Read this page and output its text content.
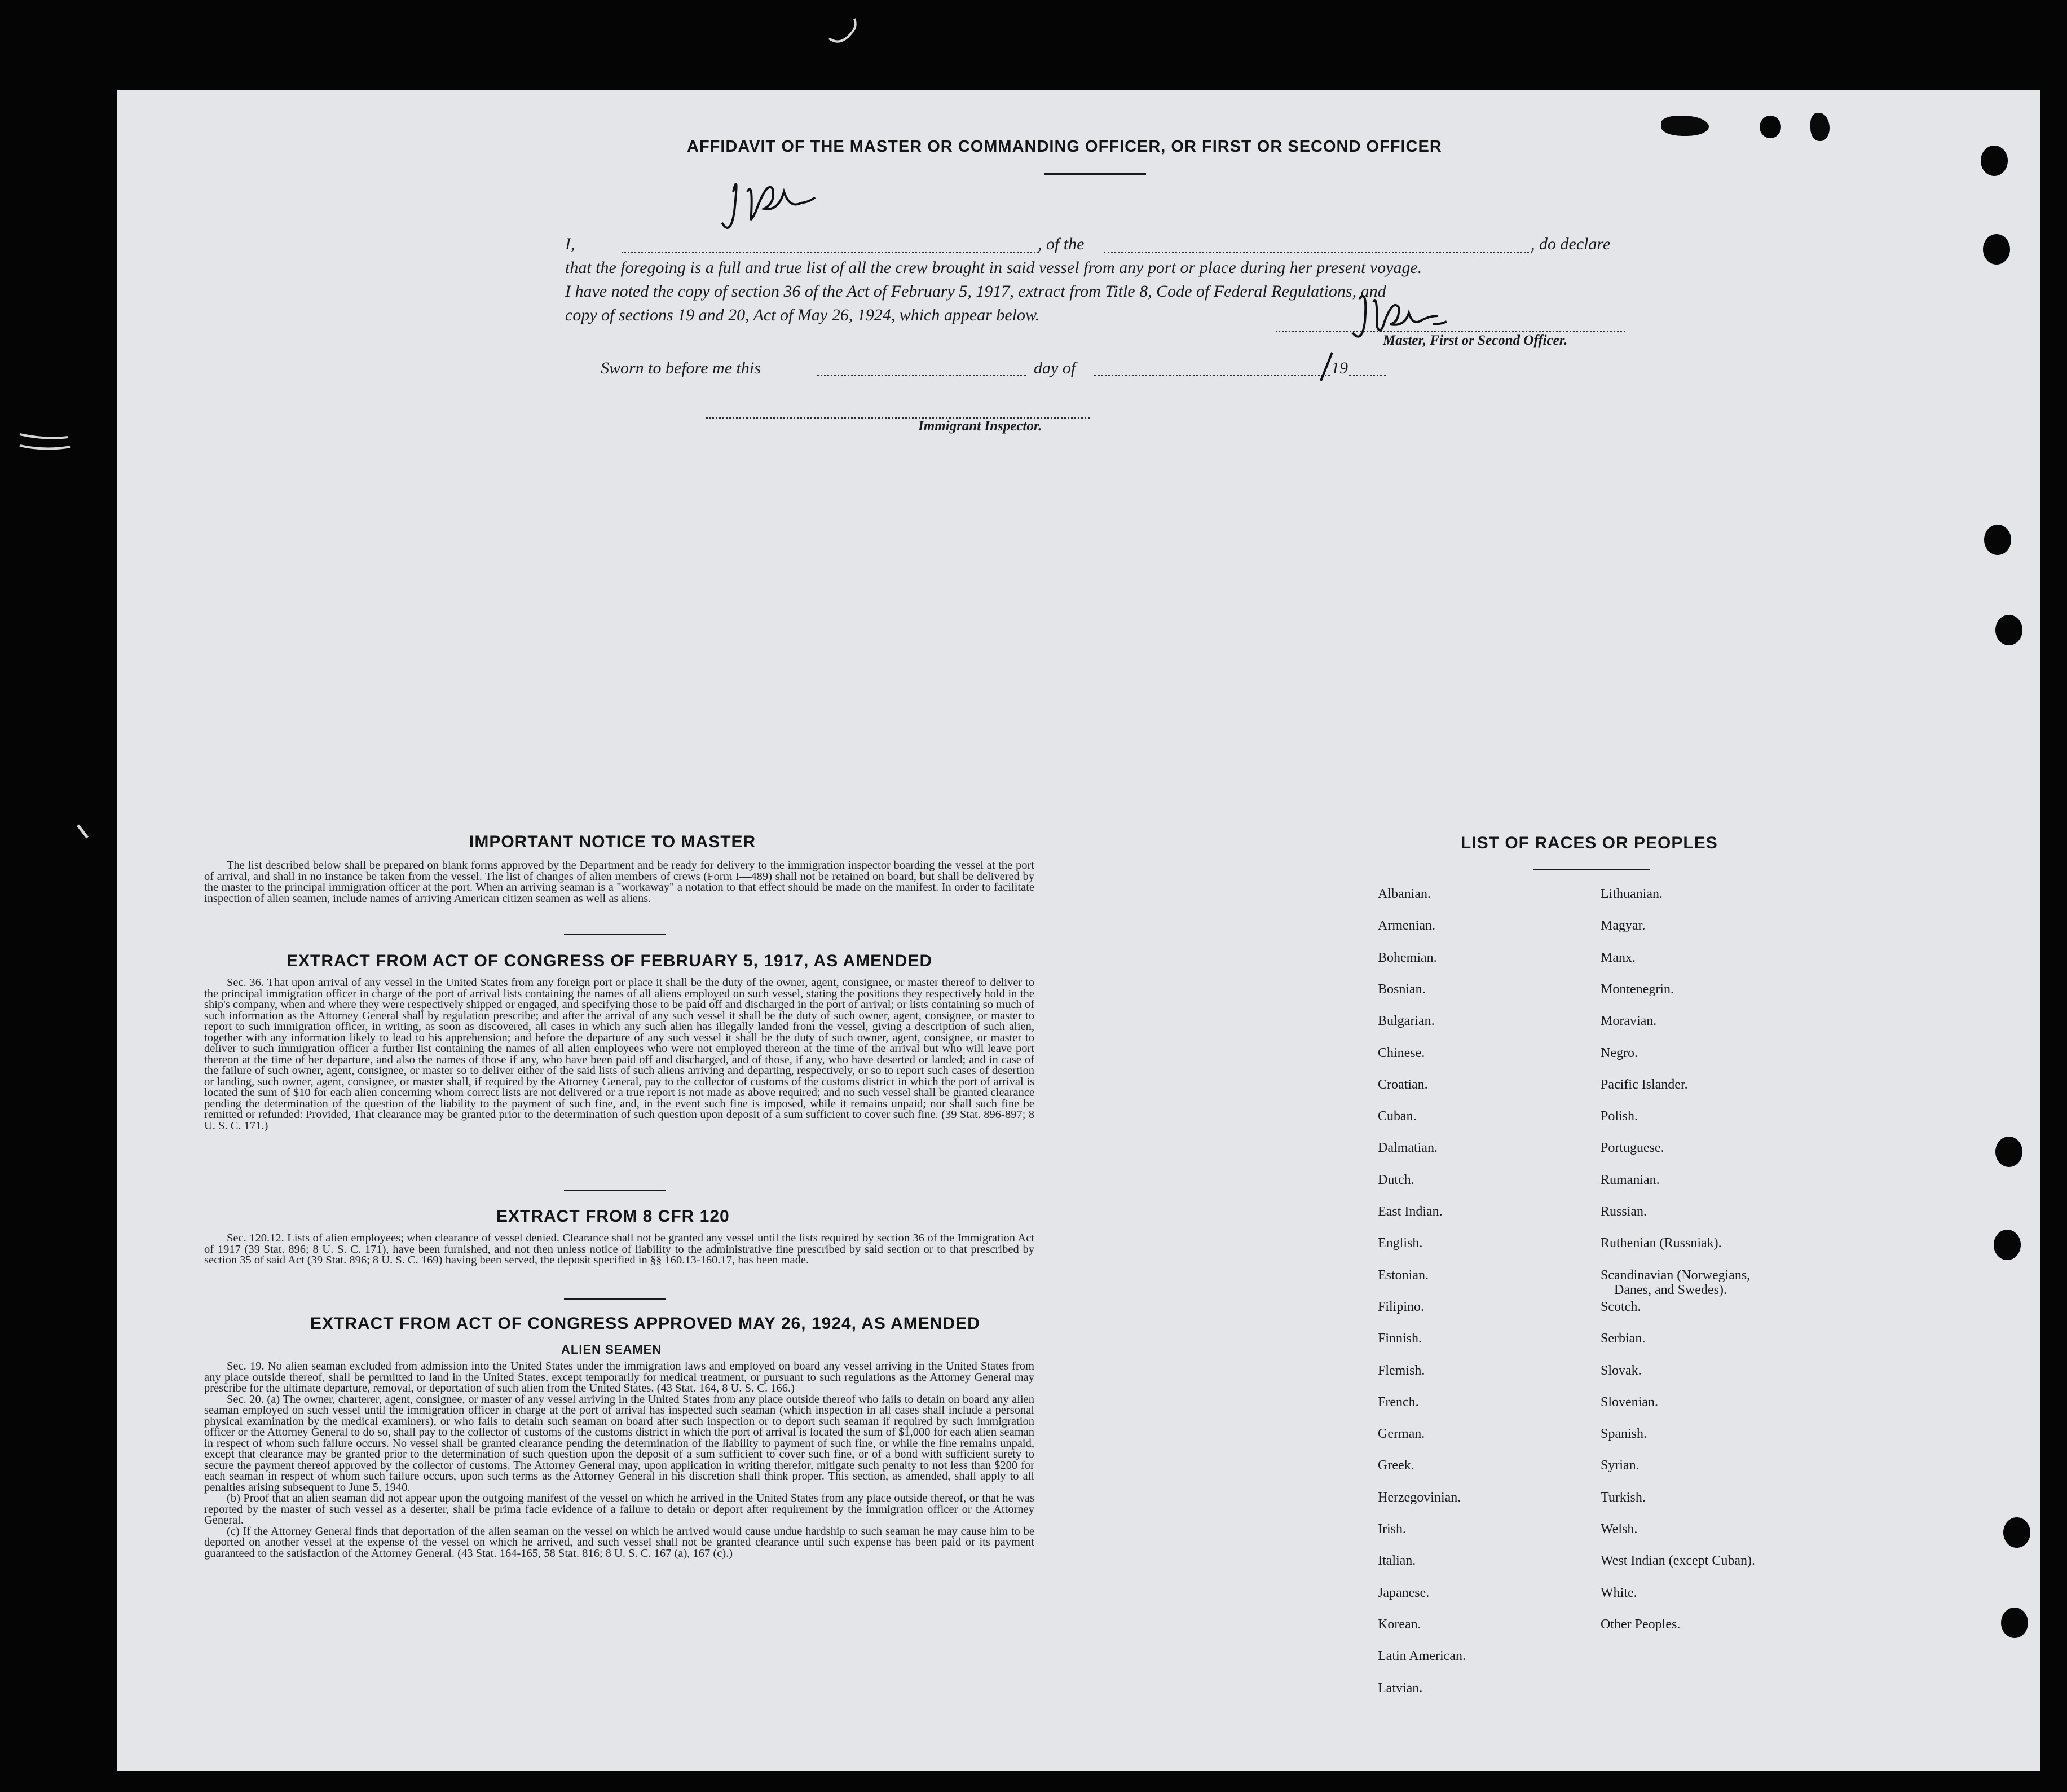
AFFIDAVIT OF THE MASTER OR COMMANDING OFFICER, OR FIRST OR SECOND OFFICER
I,	, of the	, do declare
that the foregoing is a full and true list of all the crew brought in said vessel from any port or place during her present voyage.
I have noted the copy of section 36 of the Act of February 5, 1917, extract from Title 8, Code of Federal Regulations, and
copy of sections 19 and 20, Act of May 26, 1924, which appear below.
Master, First or Second Officer.
Sworn to before me this	day of	19
Immigrant Inspector.
IMPORTANT NOTICE TO MASTER

The list described below shall be prepared on blank forms approved by the Department and be ready for delivery to the immigration inspector boarding the vessel at the port of arrival, and shall in no instance be taken from the vessel. The list of changes of alien members of crews (Form I—489) shall not be retained on board, but shall be delivered by the master to the principal immigration officer at the port. When an arriving seaman is a "workaway" a notation to that effect should be made on the manifest. In order to facilitate inspection of alien seamen, include names of arriving American citizen seamen as well as aliens.

EXTRACT FROM ACT OF CONGRESS OF FEBRUARY 5, 1917, AS AMENDED

Sec. 36. That upon arrival of any vessel in the United States from any foreign port or place it shall be the duty of the owner, agent, consignee, or master thereof to deliver to the principal immigration officer in charge of the port of arrival lists containing the names of all aliens employed on such vessel, stating the positions they respectively hold in the ship's company, when and where they were respectively shipped or engaged, and specifying those to be paid off and discharged in the port of arrival; or lists containing so much of such information as the Attorney General shall by regulation prescribe; and after the arrival of any such vessel it shall be the duty of such owner, agent, consignee, or master to report to such immigration officer, in writing, as soon as discovered, all cases in which any such alien has illegally landed from the vessel, giving a description of such alien, together with any information likely to lead to his apprehension; and before the departure of any such vessel it shall be the duty of such owner, agent, consignee, or master to deliver to such immigration officer a further list containing the names of all alien employees who were not employed thereon at the time of the arrival but who will leave port thereon at the time of her departure, and also the names of those if any, who have been paid off and discharged, and of those, if any, who have deserted or landed; and in case of the failure of such owner, agent, consignee, or master so to deliver either of the said lists of such aliens arriving and departing, respectively, or so to report such cases of desertion or landing, such owner, agent, consignee, or master shall, if required by the Attorney General, pay to the collector of customs of the customs district in which the port of arrival is located the sum of $10 for each alien concerning whom correct lists are not delivered or a true report is not made as above required; and no such vessel shall be granted clearance pending the determination of the question of the liability to the payment of such fine, and, in the event such fine is imposed, while it remains unpaid; nor shall such fine be remitted or refunded: Provided, That clearance may be granted prior to the determination of such question upon deposit of a sum sufficient to cover such fine. (39 Stat. 896-897; 8 U. S. C. 171.)

EXTRACT FROM 8 CFR 120

Sec. 120.12. Lists of alien employees; when clearance of vessel denied. Clearance shall not be granted any vessel until the lists required by section 36 of the Immigration Act of 1917 (39 Stat. 896; 8 U. S. C. 171), have been furnished, and not then unless notice of liability to the administrative fine prescribed by said section or to that prescribed by section 35 of said Act (39 Stat. 896; 8 U. S. C. 169) having been served, the deposit specified in §§ 160.13-160.17, has been made.

EXTRACT FROM ACT OF CONGRESS APPROVED MAY 26, 1924, AS AMENDED
ALIEN SEAMEN

Sec. 19. No alien seaman excluded from admission into the United States under the immigration laws and employed on board any vessel arriving in the United States from any place outside thereof, shall be permitted to land in the United States, except temporarily for medical treatment, or pursuant to such regulations as the Attorney General may prescribe for the ultimate departure, removal, or deportation of such alien from the United States. (43 Stat. 164, 8 U. S. C. 166.)

Sec. 20. (a) The owner, charterer, agent, consignee, or master of any vessel arriving in the United States from any place outside thereof who fails to detain on board any alien seaman employed on such vessel until the immigration officer in charge at the port of arrival has inspected such seaman (which inspection in all cases shall include a personal physical examination by the medical examiners), or who fails to detain such seaman on board after such inspection or to deport such seaman if required by such immigration officer or the Attorney General to do so, shall pay to the collector of customs of the customs district in which the port of arrival is located the sum of $1,000 for each alien seaman in respect of whom such failure occurs. No vessel shall be granted clearance pending the determination of the liability to payment of such fine, or while the fine remains unpaid, except that clearance may be granted prior to the determination of such question upon the deposit of a sum sufficient to cover such fine, or of a bond with sufficient surety to secure the payment thereof approved by the collector of customs. The Attorney General may, upon application in writing therefor, mitigate such penalty to not less than $200 for each seaman in respect of whom such failure occurs, upon such terms as the Attorney General in his discretion shall think proper. This section, as amended, shall apply to all penalties arising subsequent to June 5, 1940.

(b) Proof that an alien seaman did not appear upon the outgoing manifest of the vessel on which he arrived in the United States from any place outside thereof, or that he was reported by the master of such vessel as a deserter, shall be prima facie evidence of a failure to detain or deport after requirement by the immigration officer or the Attorney General.

(c) If the Attorney General finds that deportation of the alien seaman on the vessel on which he arrived would cause undue hardship to such seaman he may cause him to be deported on another vessel at the expense of the vessel on which he arrived, and such vessel shall not be granted clearance until such expense has been paid or its payment guaranteed to the satisfaction of the Attorney General. (43 Stat. 164-165, 58 Stat. 816; 8 U. S. C. 167 (a), 167 (c).)

LIST OF RACES OR PEOPLES
Albanian.
Armenian.
Bohemian.
Bosnian.
Bulgarian.
Chinese.
Croatian.
Cuban.
Dalmatian.
Dutch.
East Indian.
English.
Estonian.
Filipino.
Finnish.
Flemish.
French.
German.
Greek.
Herzegovinian.
Irish.
Italian.
Japanese.
Korean.
Latin American.
Latvian.
Lithuanian.
Magyar.
Manx.
Montenegrin.
Moravian.
Negro.
Pacific Islander.
Polish.
Portuguese.
Rumanian.
Russian.
Ruthenian (Russniak).
Scandinavian (Norwegians,
Danes, and Swedes).
Scotch.
Serbian.
Slovak.
Slovenian.
Spanish.
Syrian.
Turkish.
Welsh.
West Indian (except Cuban).
White.
Other Peoples.
